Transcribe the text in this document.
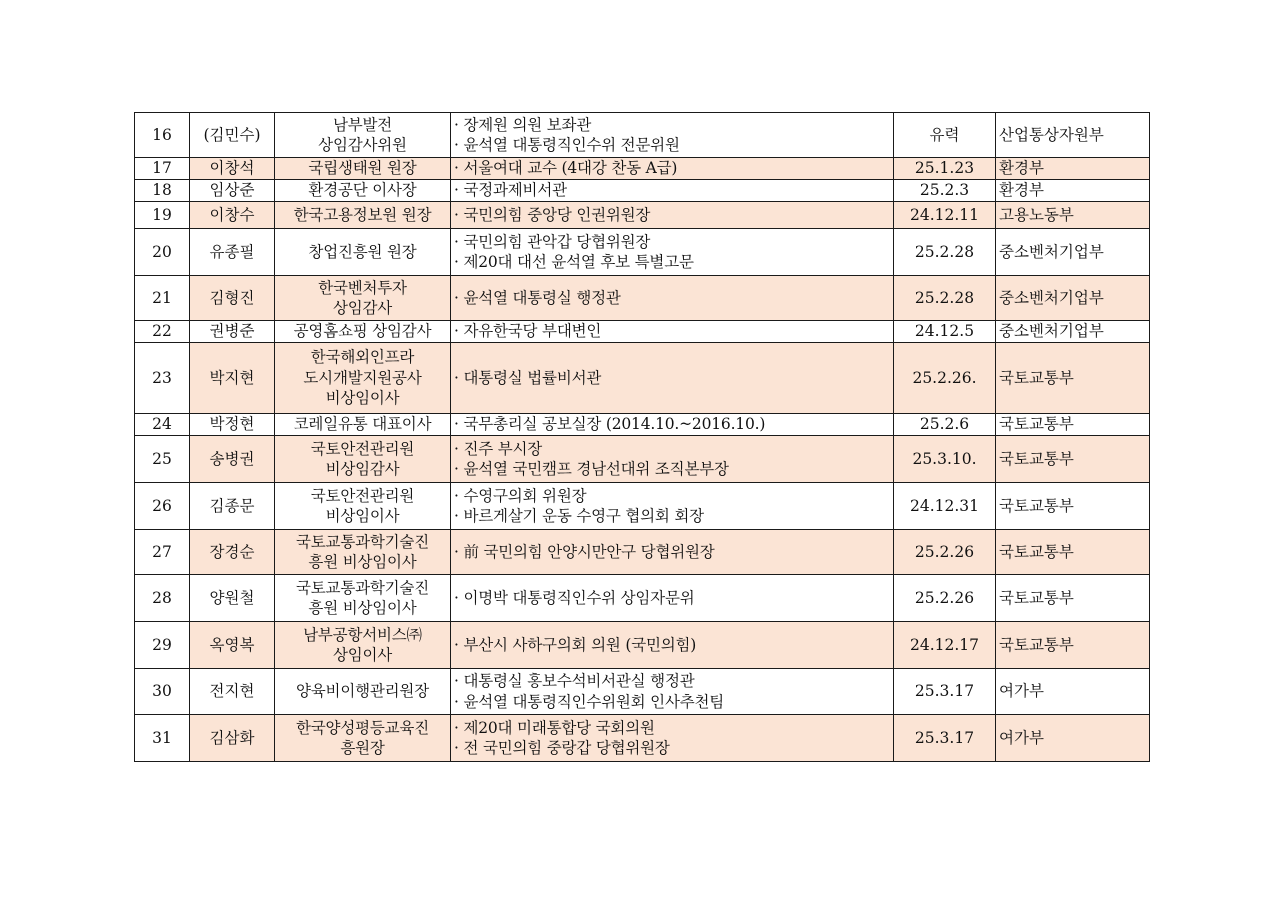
16	(김민수)	남부발전
상임감사위원	· 장제원 의원 보좌관
· 윤석열 대통령직인수위 전문위원	유력	산업통상자원부
17	이창석	국립생태원 원장	· 서울여대 교수 (4대강 찬동 A급)	25.1.23	환경부
18	임상준	환경공단 이사장	· 국정과제비서관	25.2.3	환경부
19	이창수	한국고용정보원 원장	· 국민의힘 중앙당 인권위원장	24.12.11	고용노동부
20	유종필	창업진흥원 원장	· 국민의힘 관악갑 당협위원장
· 제20대 대선 윤석열 후보 특별고문	25.2.28	중소벤처기업부
21	김형진	한국벤처투자
상임감사	· 윤석열 대통령실 행정관	25.2.28	중소벤처기업부
22	권병준	공영홈쇼핑 상임감사	· 자유한국당 부대변인	24.12.5	중소벤처기업부
23	박지현	한국해외인프라
도시개발지원공사
비상임이사	· 대통령실 법률비서관	25.2.26.	국토교통부
24	박정현	코레일유통 대표이사	· 국무총리실 공보실장 (2014.10.~2016.10.)	25.2.6	국토교통부
25	송병권	국토안전관리원
비상임감사	· 진주 부시장
· 윤석열 국민캠프 경남선대위 조직본부장	25.3.10.	국토교통부
26	김종문	국토안전관리원
비상임이사	· 수영구의회 위원장
· 바르게살기 운동 수영구 협의회 회장	24.12.31	국토교통부
27	장경순	국토교통과학기술진
흥원 비상임이사	· 前 국민의힘 안양시만안구 당협위원장	25.2.26	국토교통부
28	양원철	국토교통과학기술진
흥원 비상임이사	· 이명박 대통령직인수위 상임자문위	25.2.26	국토교통부
29	옥영복	남부공항서비스㈜
상임이사	· 부산시 사하구의회 의원 (국민의힘)	24.12.17	국토교통부
30	전지현	양육비이행관리원장	· 대통령실 홍보수석비서관실 행정관
· 윤석열 대통령직인수위원회 인사추천팀	25.3.17	여가부
31	김삼화	한국양성평등교육진
흥원장	· 제20대 미래통합당 국회의원
· 전 국민의힘 중랑갑 당협위원장	25.3.17	여가부
